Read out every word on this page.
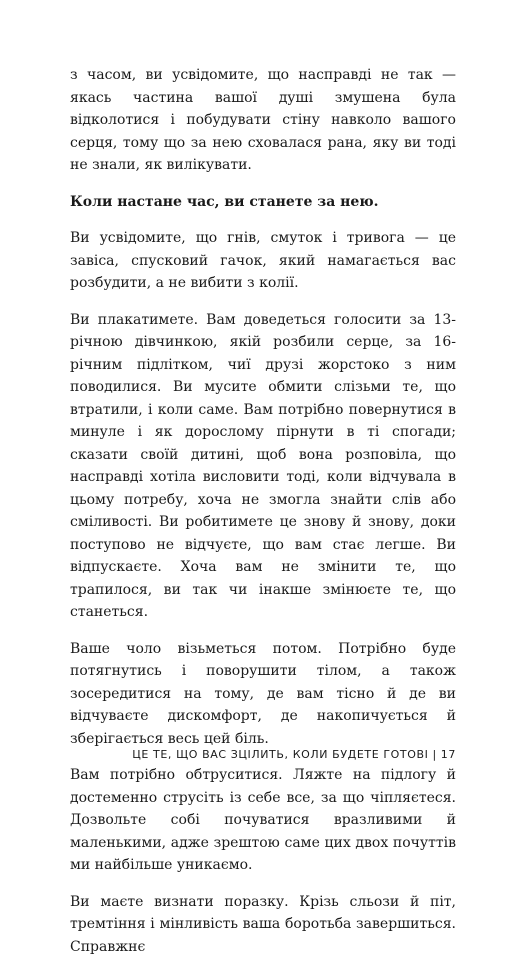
з часом, ви усвідомите, що насправді не так — якась частина вашої душі змушена була відколотися і побудувати стіну навколо вашого серця, тому що за нею сховалася рана, яку ви тоді не знали, як вилікувати.

Коли настане час, ви станете за нею.

Ви усвідомите, що гнів, смуток і тривога — це завіса, спусковий гачок, який намагається вас розбудити, а не вибити з колії.

Ви плакатимете. Вам доведеться голосити за 13-річною дівчинкою, якій розбили серце, за 16-річним підлітком, чиї друзі жорстоко з ним поводилися. Ви мусите обмити слізьми те, що втратили, і коли саме. Вам потрібно повернутися в минуле і як дорослому пірнути в ті спогади; сказати своїй дитині, щоб вона розповіла, що насправді хотіла висловити тоді, коли відчувала в цьому потребу, хоча не змогла знайти слів або сміливості. Ви робитимете це знову й знову, доки поступово не відчуєте, що вам стає легше. Ви відпускаєте. Хоча вам не змінити те, що трапилося, ви так чи інакше змінюєте те, що станеться.

Ваше чоло візьметься потом. Потрібно буде потягнутись і поворушити тілом, а також зосередитися на тому, де вам тісно й де ви відчуваєте дискомфорт, де накопичується й зберігається весь цей біль.

Вам потрібно обтруситися. Ляжте на підлогу й достеменно струсіть із себе все, за що чіпляєтеся. Дозвольте собі почуватися вразливими й маленькими, адже зрештою саме цих двох почуттів ми найбільше уникаємо.

Ви маєте визнати поразку. Крізь сльози й піт, тремтіння і мінливість ваша боротьба завершиться. Справжнє

ЦЕ ТЕ, ЩО ВАС ЗЦІЛИТЬ, КОЛИ БУДЕТЕ ГОТОВІ | 17
